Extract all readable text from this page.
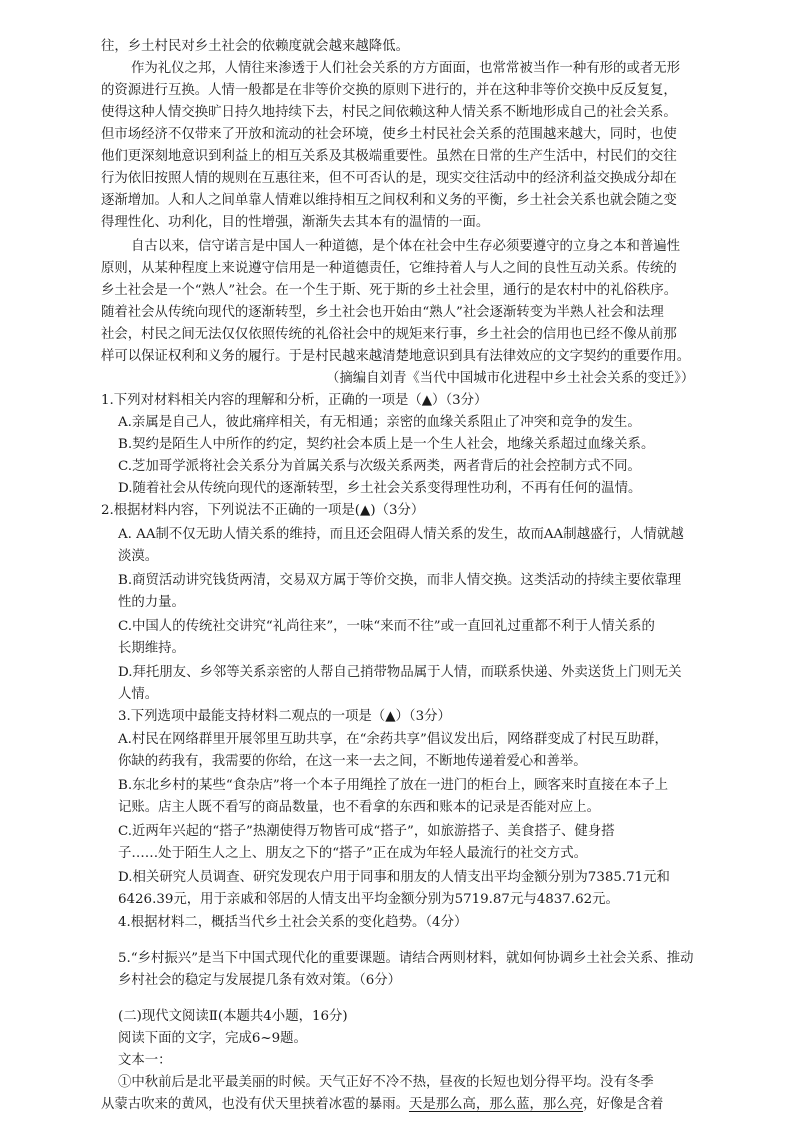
往，乡土村民对乡土社会的依赖度就会越来越降低。
作为礼仪之邦，人情往来渗透于人们社会关系的方方面面，也常常被当作一种有形的或者无形
的资源进行互换。人情一般都是在非等价交换的原则下进行的，并在这种非等价交换中反反复复，
使得这种人情交换旷日持久地持续下去，村民之间依赖这种人情关系不断地形成自己的社会关系。
但市场经济不仅带来了开放和流动的社会环境，使乡土村民社会关系的范围越来越大，同时，也使
他们更深刻地意识到利益上的相互关系及其极端重要性。虽然在日常的生产生活中，村民们的交往
行为依旧按照人情的规则在互惠往来，但不可否认的是，现实交往活动中的经济利益交换成分却在
逐渐增加。人和人之间单靠人情难以维持相互之间权利和义务的平衡，乡土社会关系也就会随之变
得理性化、功利化，目的性增强，渐渐失去其本有的温情的一面。
自古以来，信守诺言是中国人一种道德，是个体在社会中生存必须要遵守的立身之本和普遍性
原则，从某种程度上来说遵守信用是一种道德责任，它维持着人与人之间的良性互动关系。传统的
乡土社会是一个“熟人”社会。在一个生于斯、死于斯的乡土社会里，通行的是农村中的礼俗秩序。
随着社会从传统向现代的逐渐转型，乡土社会也开始由“熟人”社会逐渐转变为半熟人社会和法理
社会，村民之间无法仅仅依照传统的礼俗社会中的规矩来行事，乡土社会的信用也已经不像从前那
样可以保证权利和义务的履行。于是村民越来越清楚地意识到具有法律效应的文字契约的重要作用。
（摘编自刘青《当代中国城市化进程中乡土社会关系的变迁》）
1.下列对材料相关内容的理解和分析，正确的一项是（▲）（3分）
A.亲属是自己人，彼此痛痒相关，有无相通；亲密的血缘关系阻止了冲突和竞争的发生。
B.契约是陌生人中所作的约定，契约社会本质上是一个生人社会，地缘关系超过血缘关系。
C.芝加哥学派将社会关系分为首属关系与次级关系两类，两者背后的社会控制方式不同。
D.随着社会从传统向现代的逐渐转型，乡土社会关系变得理性功利，不再有任何的温情。
2.根据材料内容，下列说法不正确的一项是(▲)（3分）
A. AA制不仅无助人情关系的维持，而且还会阻碍人情关系的发生，故而AA制越盛行，人情就越
淡漠。
B.商贸活动讲究钱货两清，交易双方属于等价交换，而非人情交换。这类活动的持续主要依靠理
性的力量。
C.中国人的传统社交讲究“礼尚往来”，一味“来而不往”或一直回礼过重都不利于人情关系的
长期维持。
D.拜托朋友、乡邻等关系亲密的人帮自己捎带物品属于人情，而联系快递、外卖送货上门则无关
人情。
3.下列选项中最能支持材料二观点的一项是（▲）（3分）
A.村民在网络群里开展邻里互助共享，在“余药共享”倡议发出后，网络群变成了村民互助群，
你缺的药我有，我需要的你给，在这一来一去之间，不断地传递着爱心和善举。
B.东北乡村的某些“食杂店”将一个本子用绳拴了放在一进门的柜台上，顾客来时直接在本子上
记账。店主人既不看写的商品数量，也不看拿的东西和账本的记录是否能对应上。
C.近两年兴起的“搭子”热潮使得万物皆可成“搭子”，如旅游搭子、美食搭子、健身搭
子……处于陌生人之上、朋友之下的“搭子”正在成为年轻人最流行的社交方式。
D.相关研究人员调查、研究发现农户用于同事和朋友的人情支出平均金额分别为7385.71元和
6426.39元，用于亲戚和邻居的人情支出平均金额分别为5719.87元与4837.62元。
4.根据材料二，概括当代乡土社会关系的变化趋势。（4分）
5.“乡村振兴”是当下中国式现代化的重要课题。请结合两则材料，就如何协调乡土社会关系、推动
乡村社会的稳定与发展提几条有效对策。（6分）
(二)现代文阅读Ⅱ(本题共4小题，16分)
阅读下面的文字，完成6~9题。
文本一：
①中秋前后是北平最美丽的时候。天气正好不冷不热，昼夜的长短也划分得平均。没有冬季
从蒙古吹来的黄风，也没有伏天里挟着冰雹的暴雨。天是那么高，那么蓝，那么亮，好像是含着
